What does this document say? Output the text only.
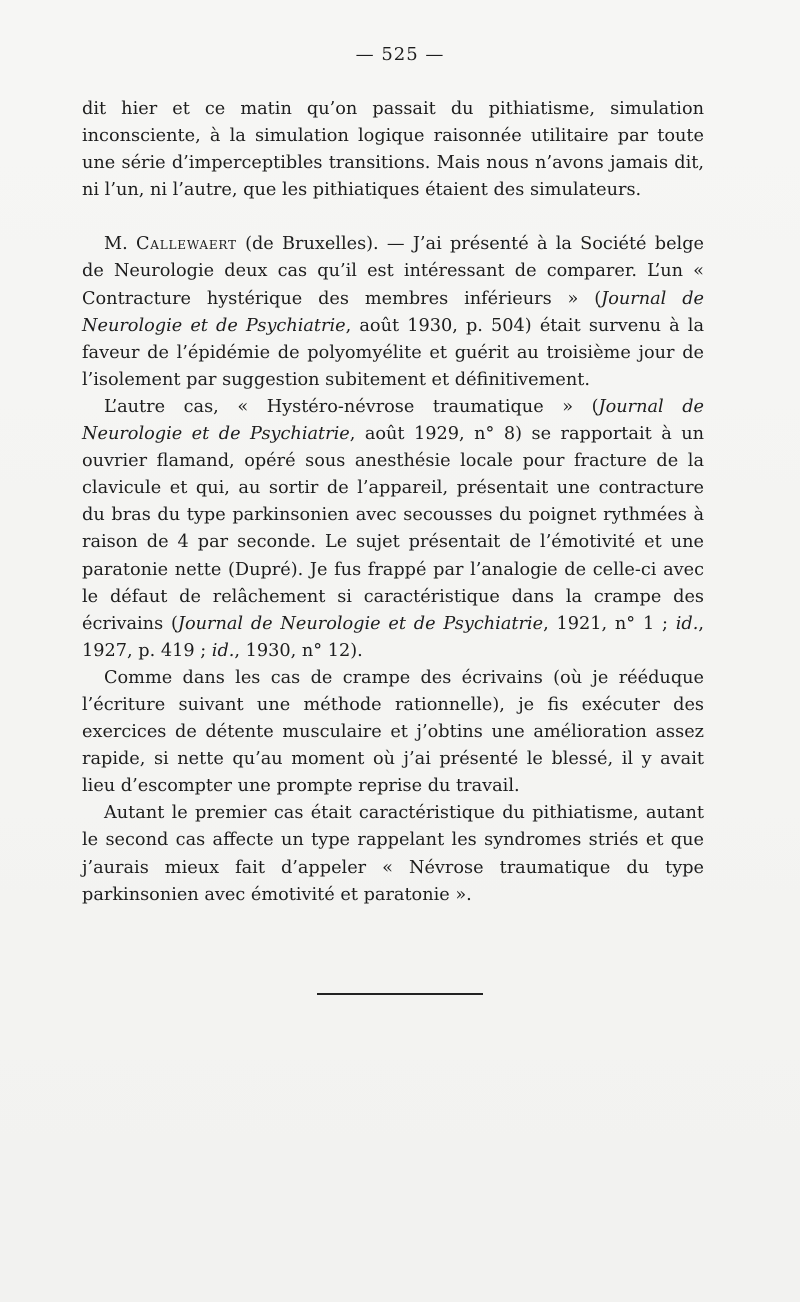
— 525 —

dit hier et ce matin qu’on passait du pithiatisme, simulation inconsciente, à la simulation logique raisonnée utilitaire par toute une série d’imperceptibles transitions. Mais nous n’avons jamais dit, ni l’un, ni l’autre, que les pithiatiques étaient des simulateurs.

M. Callewaert (de Bruxelles). — J’ai présenté à la Société belge de Neurologie deux cas qu’il est intéressant de comparer. L’un « Contracture hystérique des membres inférieurs » (Journal de Neurologie et de Psychiatrie, août 1930, p. 504) était survenu à la faveur de l’épidémie de polyomyélite et guérit au troisième jour de l’isolement par suggestion subitement et définitivement.

L’autre cas, « Hystéro-névrose traumatique » (Journal de Neurologie et de Psychiatrie, août 1929, n° 8) se rapportait à un ouvrier flamand, opéré sous anesthésie locale pour fracture de la clavicule et qui, au sortir de l’appareil, présentait une contracture du bras du type parkinsonien avec secousses du poignet rythmées à raison de 4 par seconde. Le sujet présentait de l’émotivité et une paratonie nette (Dupré). Je fus frappé par l’analogie de celle-ci avec le défaut de relâchement si caractéristique dans la crampe des écrivains (Journal de Neurologie et de Psychiatrie, 1921, n° 1 ; id., 1927, p. 419 ; id., 1930, n° 12).

Comme dans les cas de crampe des écrivains (où je rééduque l’écriture suivant une méthode rationnelle), je fis exécuter des exercices de détente musculaire et j’obtins une amélioration assez rapide, si nette qu’au moment où j’ai présenté le blessé, il y avait lieu d’escompter une prompte reprise du travail.

Autant le premier cas était caractéristique du pithiatisme, autant le second cas affecte un type rappelant les syndromes striés et que j’aurais mieux fait d’appeler « Névrose traumatique du type parkinsonien avec émotivité et paratonie ».
